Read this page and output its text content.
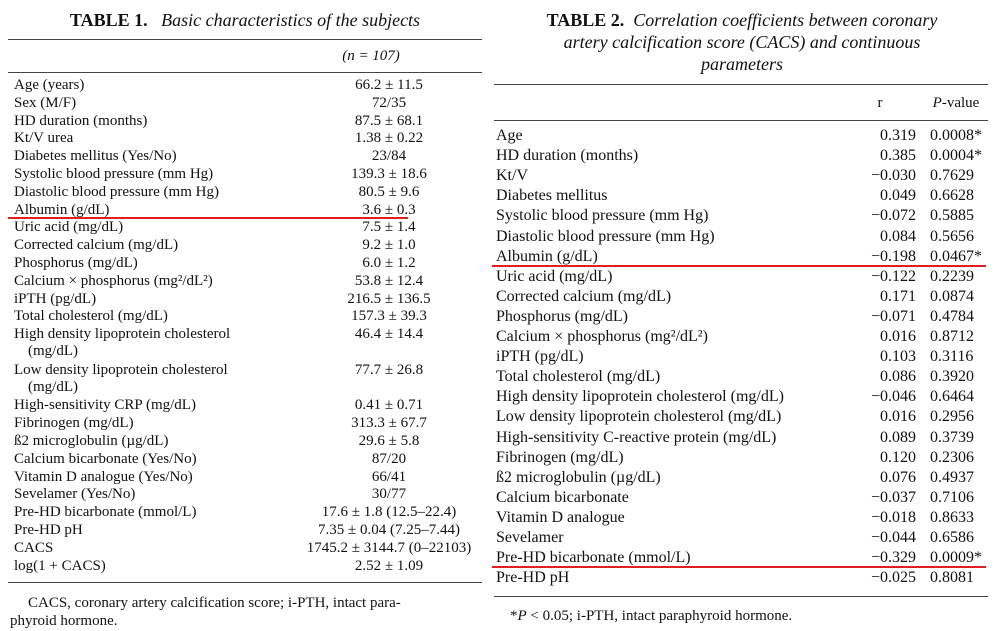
TABLE 1. Basic characteristics of the subjects
(n = 107)
Age (years)	66.2 ± 11.5
Sex (M/F)	72/35
HD duration (months)	87.5 ± 68.1
Kt/V urea	1.38 ± 0.22
Diabetes mellitus (Yes/No)	23/84
Systolic blood pressure (mm Hg)	139.3 ± 18.6
Diastolic blood pressure (mm Hg)	80.5 ± 9.6
Albumin (g/dL)	3.6 ± 0.3
Uric acid (mg/dL)	7.5 ± 1.4
Corrected calcium (mg/dL)	9.2 ± 1.0
Phosphorus (mg/dL)	6.0 ± 1.2
Calcium × phosphorus (mg²/dL²)	53.8 ± 12.4
iPTH (pg/dL)	216.5 ± 136.5
Total cholesterol (mg/dL)	157.3 ± 39.3
High density lipoprotein cholesterol	46.4 ± 14.4
(mg/dL)
Low density lipoprotein cholesterol	77.7 ± 26.8
(mg/dL)
High-sensitivity CRP (mg/dL)	0.41 ± 0.71
Fibrinogen (mg/dL)	313.3 ± 67.7
ß2 microglobulin (µg/dL)	29.6 ± 5.8
Calcium bicarbonate (Yes/No)	87/20
Vitamin D analogue (Yes/No)	66/41
Sevelamer (Yes/No)	30/77
Pre-HD bicarbonate (mmol/L)	17.6 ± 1.8 (12.5–22.4)
Pre-HD pH	7.35 ± 0.04 (7.25–7.44)
CACS	1745.2 ± 3144.7 (0–22103)
log(1 + CACS)	2.52 ± 1.09
CACS, coronary artery calcification score; i-PTH, intact para-
phyroid hormone.
TABLE 2. Correlation coefficients between coronary
artery calcification score (CACS) and continuous
parameters
r	P-value
Age	0.319 0.0008*
HD duration (months)	0.385 0.0004*
Kt/V	−0.030 0.7629
Diabetes mellitus	0.049 0.6628
Systolic blood pressure (mm Hg)	−0.072 0.5885
Diastolic blood pressure (mm Hg)	0.084 0.5656
Albumin (g/dL)	−0.198 0.0467*
Uric acid (mg/dL)	−0.122 0.2239
Corrected calcium (mg/dL)	0.171 0.0874
Phosphorus (mg/dL)	−0.071 0.4784
Calcium × phosphorus (mg²/dL²)	0.016 0.8712
iPTH (pg/dL)	0.103 0.3116
Total cholesterol (mg/dL)	0.086 0.3920
High density lipoprotein cholesterol (mg/dL)	−0.046 0.6464
Low density lipoprotein cholesterol (mg/dL)	0.016 0.2956
High-sensitivity C-reactive protein (mg/dL)	0.089 0.3739
Fibrinogen (mg/dL)	0.120 0.2306
ß2 microglobulin (µg/dL)	0.076 0.4937
Calcium bicarbonate	−0.037 0.7106
Vitamin D analogue	−0.018 0.8633
Sevelamer	−0.044 0.6586
Pre-HD bicarbonate (mmol/L)	−0.329 0.0009*
Pre-HD pH	−0.025 0.8081
*P < 0.05; i-PTH, intact paraphyroid hormone.
